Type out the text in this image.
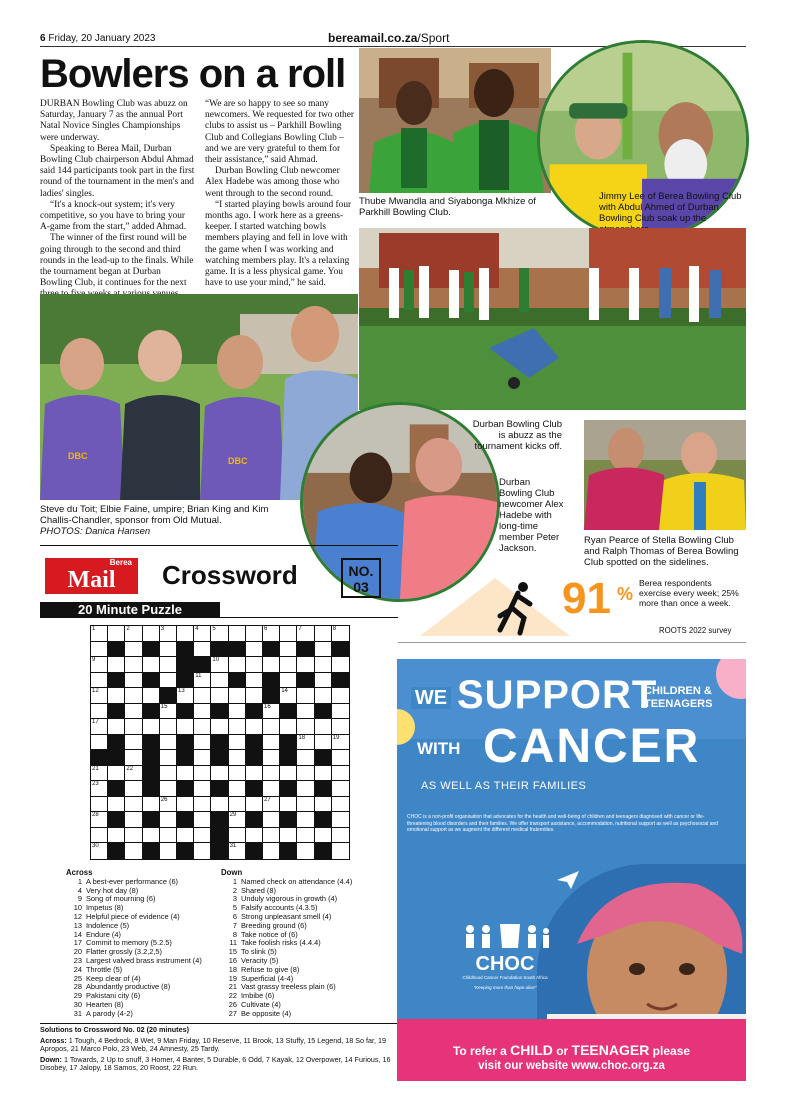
6 Friday, 20 January 2023	bereamail.co.za/Sport
Bowlers on a roll

DURBAN Bowling Club was abuzz on Saturday, January 7 as the annual Port Natal Novice Singles Championships were underway.

Speaking to Berea Mail, Durban Bowling Club chairperson Abdul Ahmad said 144 participants took part in the first round of the tournament in the men's and ladies' singles.

“It's a knock-out system; it's very competitive, so you have to bring your A-game from the start,” added Ahmad.

The winner of the first round will be going through to the second and third rounds in the lead-up to the finals. While the tournament began at Durban Bowling Club, it continues for the next

“We are so happy to see so many newcomers. We requested for two other clubs to assist us – Parkhill Bowling Club and Collegians Bowling Club – and we are very grateful to them for their assistance,” said Ahmad.

Durban Bowling Club newcomer Alex Hadebe was among those who went through to the second round.

“I started playing bowls around four months ago. I work here as a greens-keeper. I started watching bowls members playing and fell in love with the game when I was working and watching members play. It's a relaxing game. It is a less physical game. You have to use your mind,” he said.

Thube Mwandla and Siyabonga Mkhize of Parkhill Bowling Club.
Jimmy Lee of Berea Bowling Club with Abdul Ahmed of Durban Bowling Club soak up the
DBC	DBC
Steve du Toit; Elbie Faine, umpire; Brian King and Kim Challis-Chandler, sponsor from Old Mutual.
PHOTOS: Danica Hansen
Durban Bowling Club is abuzz as the tournament kicks off.
Durban Bowling Club newcomer Alex Hadebe with long-time member Peter Jackson.
Ryan Pearce of Stella Bowling Club and Ralph Thomas of Berea Bowling Club spotted on the sidelines.
91 %
Berea respondents exercise every week; 25% more than once a week.
ROOTS 2022 survey
Berea
Mail	Crossword	NO.
03
20 Minute Puzzle
1	2	3	4 5	6	7	8
9	10
11
12	13	14
15	16
17
18	19
20
21	22
23	24	25
26	27
28	29
30	31
Across
1 A best-ever performance (6)
4 Very hot day (8)
9 Song of mourning (6)
10 Impetus (8)
12 Helpful piece of evidence (4)
13 Indolence (5)
14 Endure (4)
17 Commit to memory (5.2.5)
20 Flatter grossly (3.2,2,5)
23 Largest valved brass instrument (4)
24 Throttle (5)
25 Keep clear of (4)
28 Abundantly productive (8)
29 Pakistani city (6)
30 Hearten (8)
31 A parody (4-2)
Down
1 Named check on attendance (4.4)
2 Shared (8)
3 Unduly vigorous in growth (4)
5 Falsify accounts (4.3.5)
6 Strong unpleasant smell (4)
7 Breeding ground (6)
8 Take notice of (6)
11 Take foolish risks (4.4.4)
15 To slink (5)
16 Veracity (5)
18 Refuse to give (8)
19 Superficial (4-4)
21 Vast grassy treeless plain (6)
22 Imbibe (6)
26 Cultivate (4)
27 Be opposite (4)
Solutions to Crossword No. 02 (20 minutes)
Across: 1 Tough, 4 Bedrock, 8 Wet, 9 Man Friday, 10 Reserve, 11 Brook, 13 Stuffy, 15 Legend, 18 So far, 19 Apropos, 21 Marco Polo, 23 Web, 24 Amnesty, 25 Tardy.
Down: 1 Towards, 2 Up to snuff, 3 Homer, 4 Banter, 5 Durable, 6 Odd, 7 Kayak, 12 Overpower, 14 Furious, 16 Disobey, 17 Jalopy, 18 Samos, 20 Roost, 22 Run.
WE SUPPORT
CHILDREN &
TEENAGERS
WITH CANCER
AS WELL AS THEIR FAMILIES
CHOC is a non-profit organisation that advocates for the health and well-being of children and teenagers diagnosed with cancer or life-threatening blood disorders and their families. We offer transport assistance, accommodation, nutritional support as well as psychosocial and emotional support as we augment the different medical fraternities.
CHOC
Childhood Cancer Foundation South Africa
“Keeping more than hope alive”
To refer a CHILD or TEENAGER please
visit our website www.choc.org.za
